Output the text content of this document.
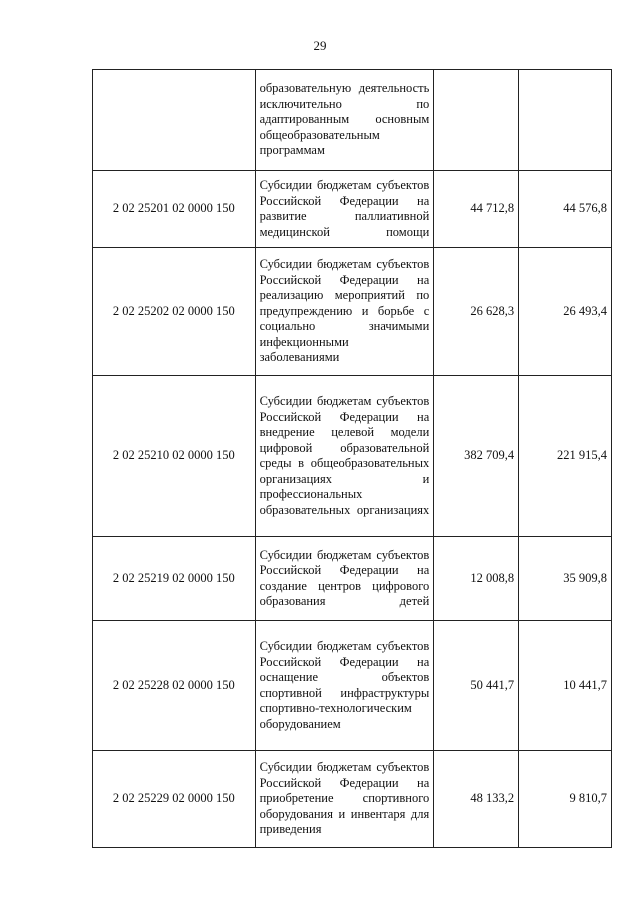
29
	образовательную деятельность исключительно по адаптированным основным общеобразовательным программам		
2 02 25201 02 0000 150	Субсидии бюджетам субъектов Российской Федерации на развитие паллиативной медицинской помощи	44 712,8	44 576,8
2 02 25202 02 0000 150	Субсидии бюджетам субъектов Российской Федерации на реализацию мероприятий по предупреждению и борьбе с социально значимыми инфекционными заболеваниями	26 628,3	26 493,4
2 02 25210 02 0000 150	Субсидии бюджетам субъектов Российской Федерации на внедрение целевой модели цифровой образовательной среды в общеобразовательных организациях и профессиональных образовательных организациях	382 709,4	221 915,4
2 02 25219 02 0000 150	Субсидии бюджетам субъектов Российской Федерации на создание центров цифрового образования детей	12 008,8	35 909,8
2 02 25228 02 0000 150	Субсидии бюджетам субъектов Российской Федерации на оснащение объектов спортивной инфраструктуры спортивно-технологическим оборудованием	50 441,7	10 441,7
2 02 25229 02 0000 150	Субсидии бюджетам субъектов Российской Федерации на приобретение спортивного оборудования и инвентаря для приведения	48 133,2	9 810,7
